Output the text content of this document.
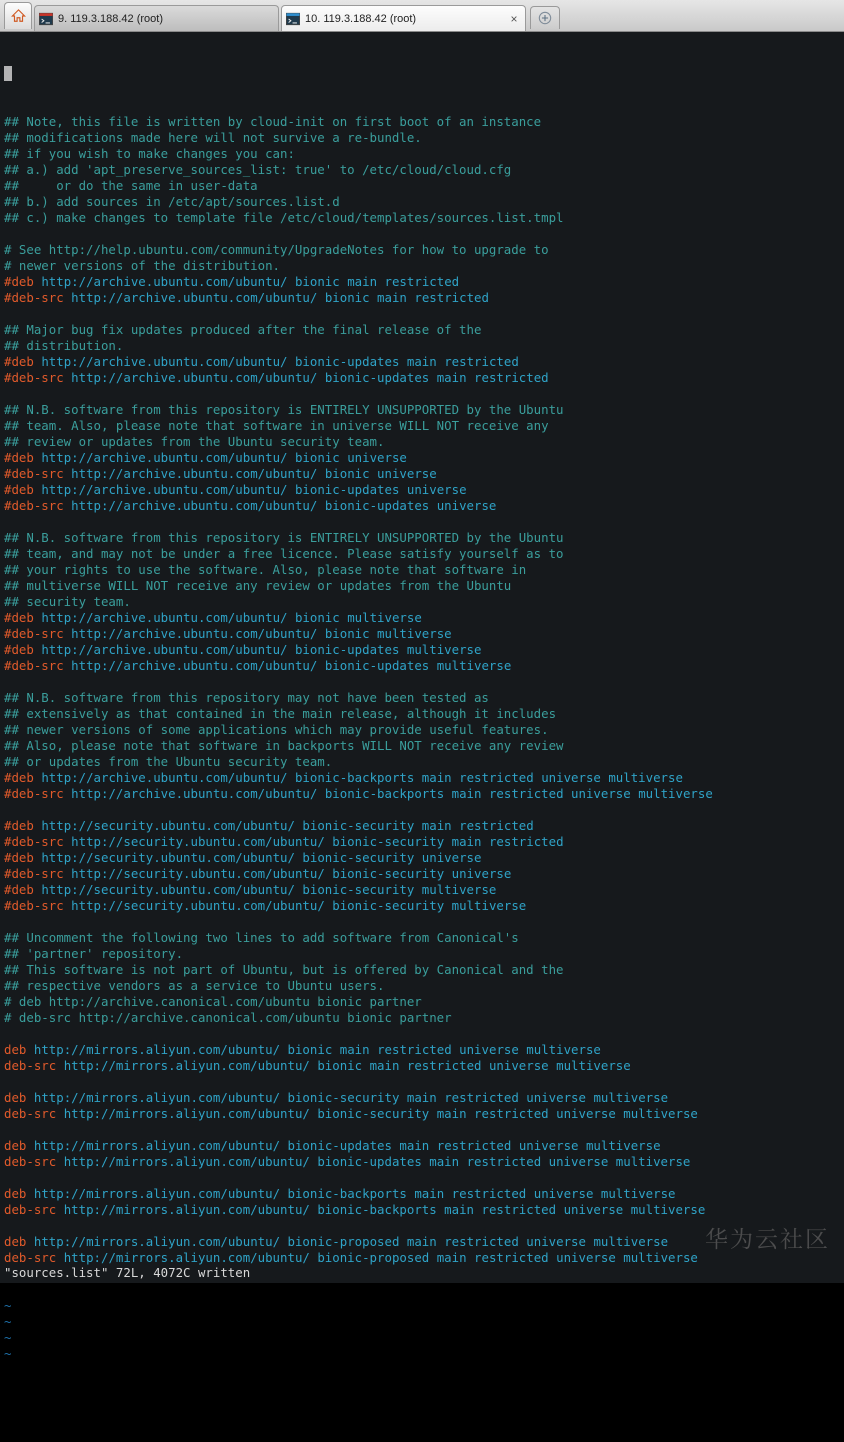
9. 119.3.188.42 (root)	10. 119.3.188.42 (root)	×

## Note, this file is written by cloud-init on first boot of an instance
## modifications made here will not survive a re-bundle.
## if you wish to make changes you can:
## a.) add 'apt_preserve_sources_list: true' to /etc/cloud/cloud.cfg
##     or do the same in user-data
## b.) add sources in /etc/apt/sources.list.d
## c.) make changes to template file /etc/cloud/templates/sources.list.tmpl

# See http://help.ubuntu.com/community/UpgradeNotes for how to upgrade to
# newer versions of the distribution.
#deb http://archive.ubuntu.com/ubuntu/ bionic main restricted
#deb-src http://archive.ubuntu.com/ubuntu/ bionic main restricted

## Major bug fix updates produced after the final release of the
## distribution.
#deb http://archive.ubuntu.com/ubuntu/ bionic-updates main restricted
#deb-src http://archive.ubuntu.com/ubuntu/ bionic-updates main restricted

## N.B. software from this repository is ENTIRELY UNSUPPORTED by the Ubuntu
## team. Also, please note that software in universe WILL NOT receive any
## review or updates from the Ubuntu security team.
#deb http://archive.ubuntu.com/ubuntu/ bionic universe
#deb-src http://archive.ubuntu.com/ubuntu/ bionic universe
#deb http://archive.ubuntu.com/ubuntu/ bionic-updates universe
#deb-src http://archive.ubuntu.com/ubuntu/ bionic-updates universe

## N.B. software from this repository is ENTIRELY UNSUPPORTED by the Ubuntu
## team, and may not be under a free licence. Please satisfy yourself as to
## your rights to use the software. Also, please note that software in
## multiverse WILL NOT receive any review or updates from the Ubuntu
## security team.
#deb http://archive.ubuntu.com/ubuntu/ bionic multiverse
#deb-src http://archive.ubuntu.com/ubuntu/ bionic multiverse
#deb http://archive.ubuntu.com/ubuntu/ bionic-updates multiverse
#deb-src http://archive.ubuntu.com/ubuntu/ bionic-updates multiverse

## N.B. software from this repository may not have been tested as
## extensively as that contained in the main release, although it includes
## newer versions of some applications which may provide useful features.
## Also, please note that software in backports WILL NOT receive any review
## or updates from the Ubuntu security team.
#deb http://archive.ubuntu.com/ubuntu/ bionic-backports main restricted universe multiverse
#deb-src http://archive.ubuntu.com/ubuntu/ bionic-backports main restricted universe multiverse

#deb http://security.ubuntu.com/ubuntu/ bionic-security main restricted
#deb-src http://security.ubuntu.com/ubuntu/ bionic-security main restricted
#deb http://security.ubuntu.com/ubuntu/ bionic-security universe
#deb-src http://security.ubuntu.com/ubuntu/ bionic-security universe
#deb http://security.ubuntu.com/ubuntu/ bionic-security multiverse
#deb-src http://security.ubuntu.com/ubuntu/ bionic-security multiverse

## Uncomment the following two lines to add software from Canonical's
## 'partner' repository.
## This software is not part of Ubuntu, but is offered by Canonical and the
## respective vendors as a service to Ubuntu users.
# deb http://archive.canonical.com/ubuntu bionic partner
# deb-src http://archive.canonical.com/ubuntu bionic partner

deb http://mirrors.aliyun.com/ubuntu/ bionic main restricted universe multiverse
deb-src http://mirrors.aliyun.com/ubuntu/ bionic main restricted universe multiverse

deb http://mirrors.aliyun.com/ubuntu/ bionic-security main restricted universe multiverse
deb-src http://mirrors.aliyun.com/ubuntu/ bionic-security main restricted universe multiverse

deb http://mirrors.aliyun.com/ubuntu/ bionic-updates main restricted universe multiverse
deb-src http://mirrors.aliyun.com/ubuntu/ bionic-updates main restricted universe multiverse

deb http://mirrors.aliyun.com/ubuntu/ bionic-backports main restricted universe multiverse
deb-src http://mirrors.aliyun.com/ubuntu/ bionic-backports main restricted universe multiverse

deb http://mirrors.aliyun.com/ubuntu/ bionic-proposed main restricted universe multiverse
deb-src http://mirrors.aliyun.com/ubuntu/ bionic-proposed main restricted universe multiverse

~
~
~
~

华为云社区

"sources.list" 72L, 4072C written
